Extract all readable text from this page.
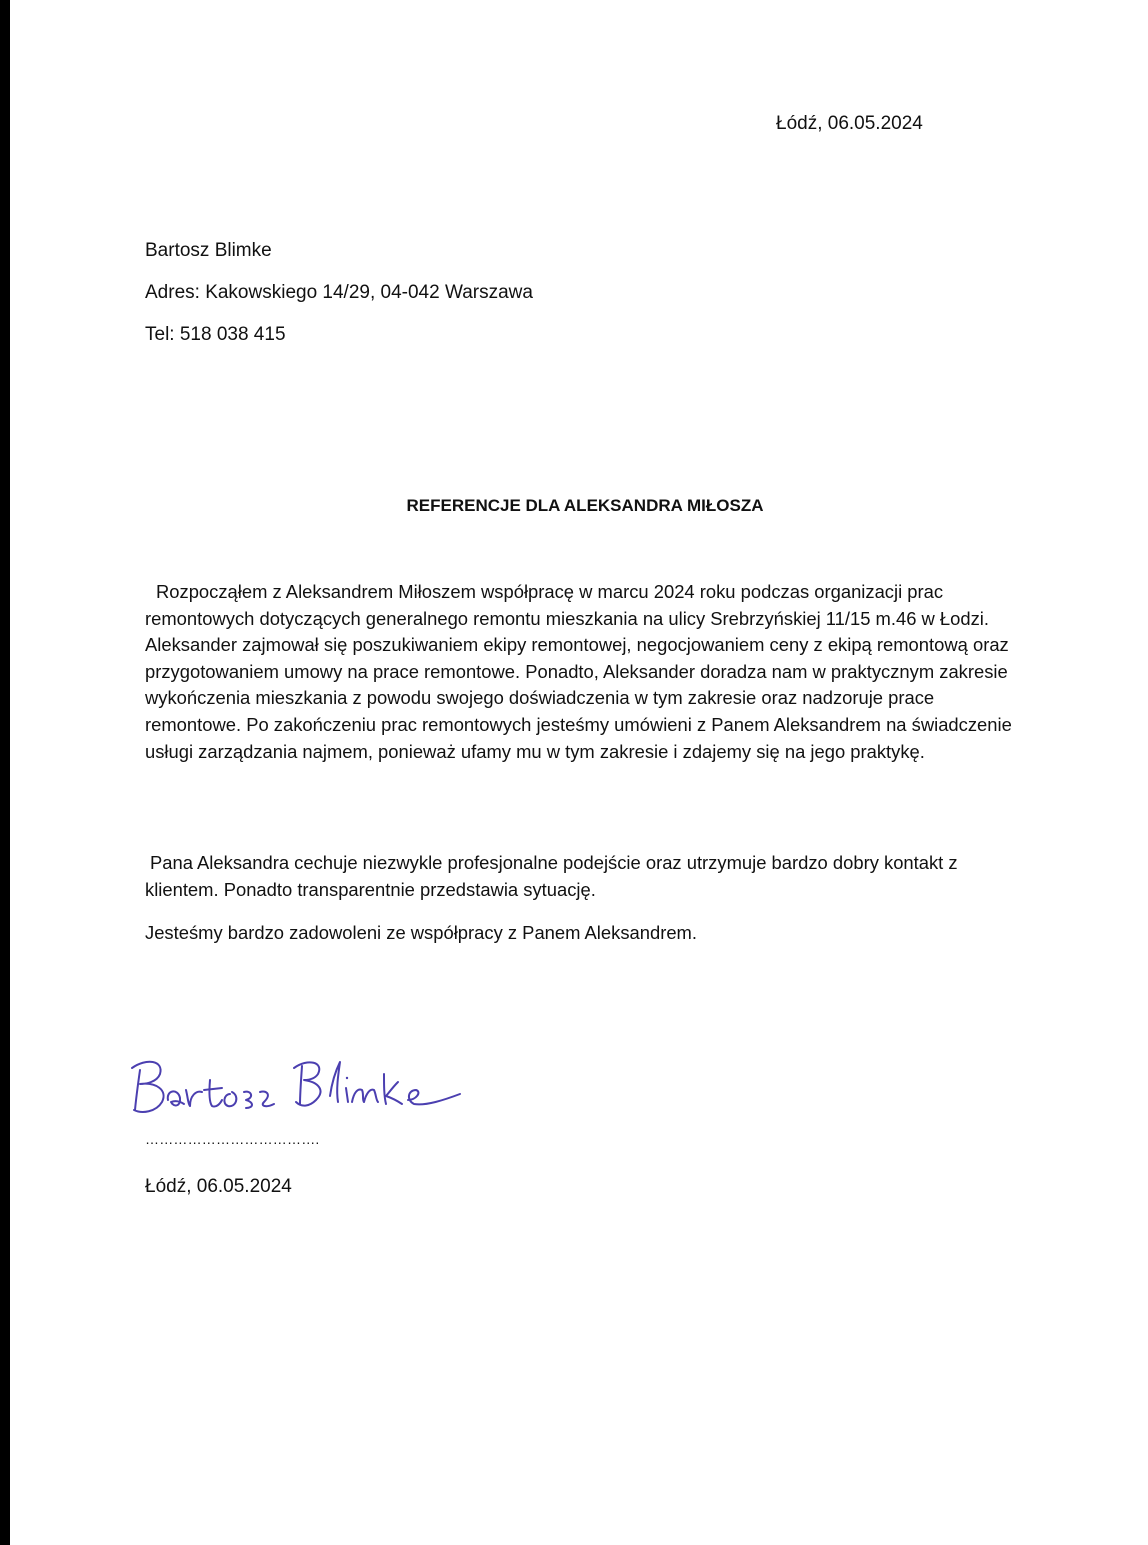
Łódź, 06.05.2024
Bartosz Blimke
Adres: Kakowskiego 14/29, 04-042 Warszawa
Tel: 518 038 415
REFERENCJE DLA ALEKSANDRA MIŁOSZA
Rozpocząłem z Aleksandrem Miłoszem współpracę w marcu 2024 roku podczas organizacji prac remontowych dotyczących generalnego remontu mieszkania na ulicy Srebrzyńskiej 11/15 m.46 w Łodzi. Aleksander zajmował się poszukiwaniem ekipy remontowej, negocjowaniem ceny z ekipą remontową oraz przygotowaniem umowy na prace remontowe. Ponadto, Aleksander doradza nam w praktycznym zakresie wykończenia mieszkania z powodu swojego doświadczenia w tym zakresie oraz nadzoruje prace remontowe. Po zakończeniu prac remontowych jesteśmy umówieni z Panem Aleksandrem na świadczenie usługi zarządzania najmem, ponieważ ufamy mu w tym zakresie i zdajemy się na jego praktykę.
Pana Aleksandra cechuje niezwykle profesjonalne podejście oraz utrzymuje bardzo dobry kontakt z klientem. Ponadto transparentnie przedstawia sytuację.
Jesteśmy bardzo zadowoleni ze współpracy z Panem Aleksandrem.
……………………………….
Łódź, 06.05.2024
